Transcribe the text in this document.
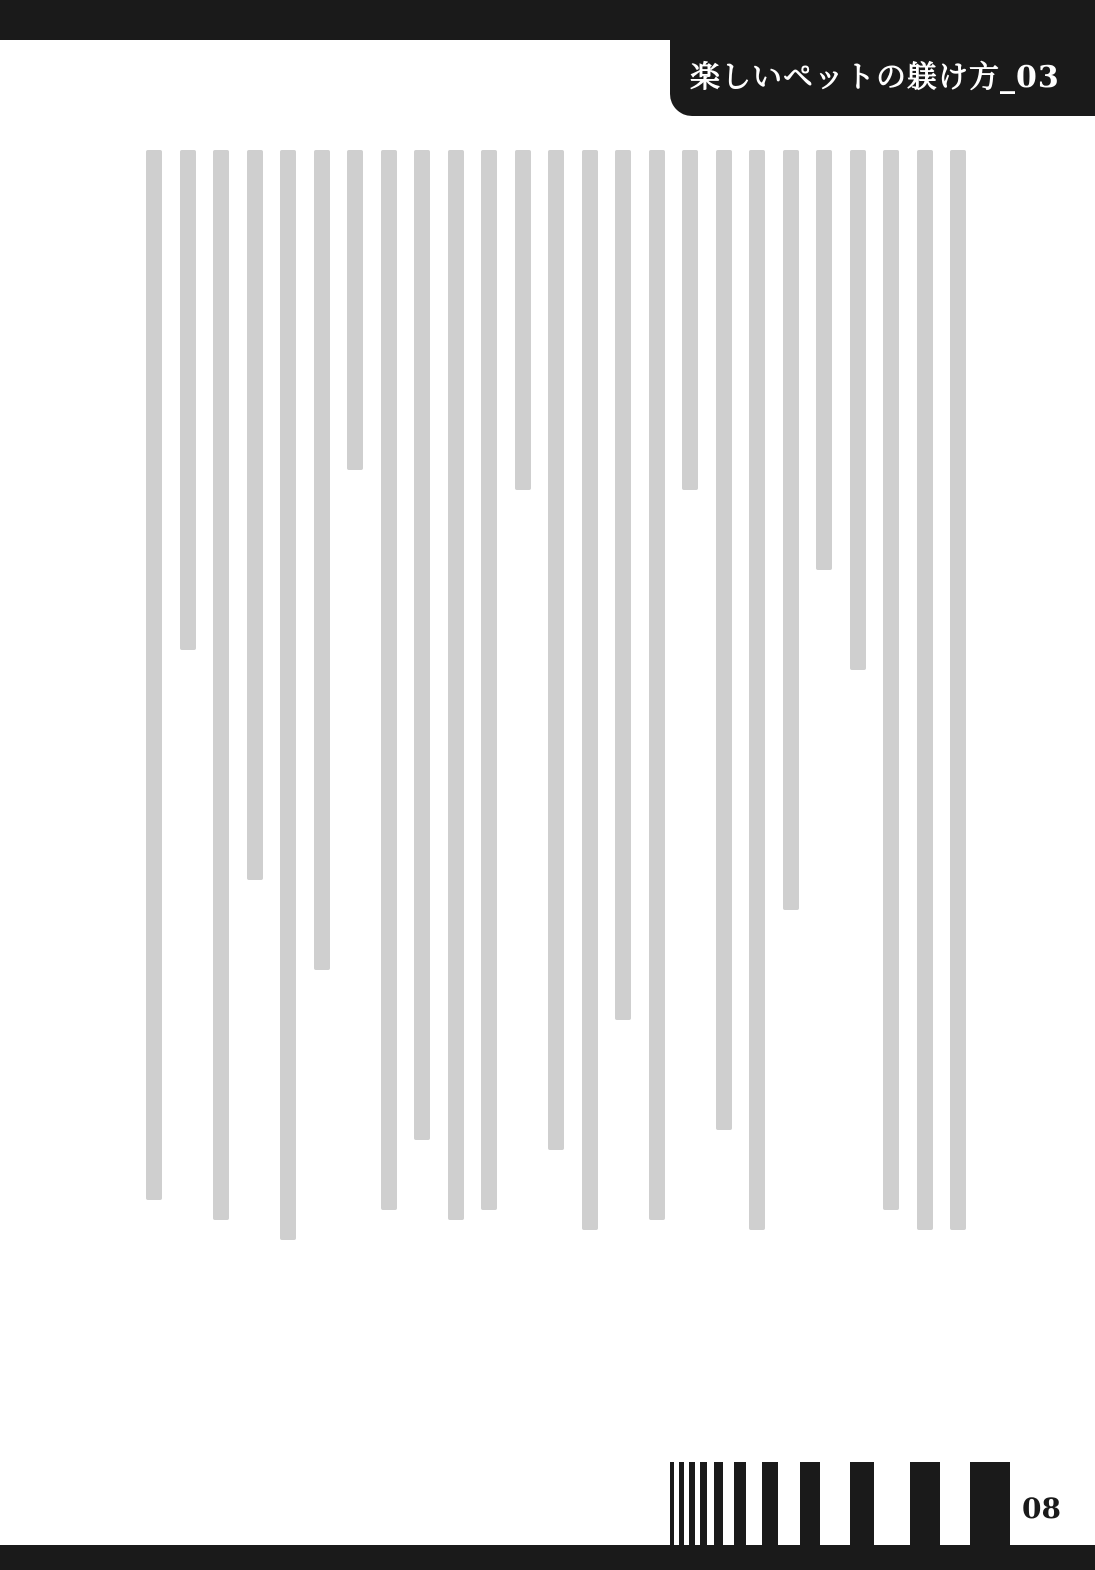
楽しいペットの躾け方_03
08
